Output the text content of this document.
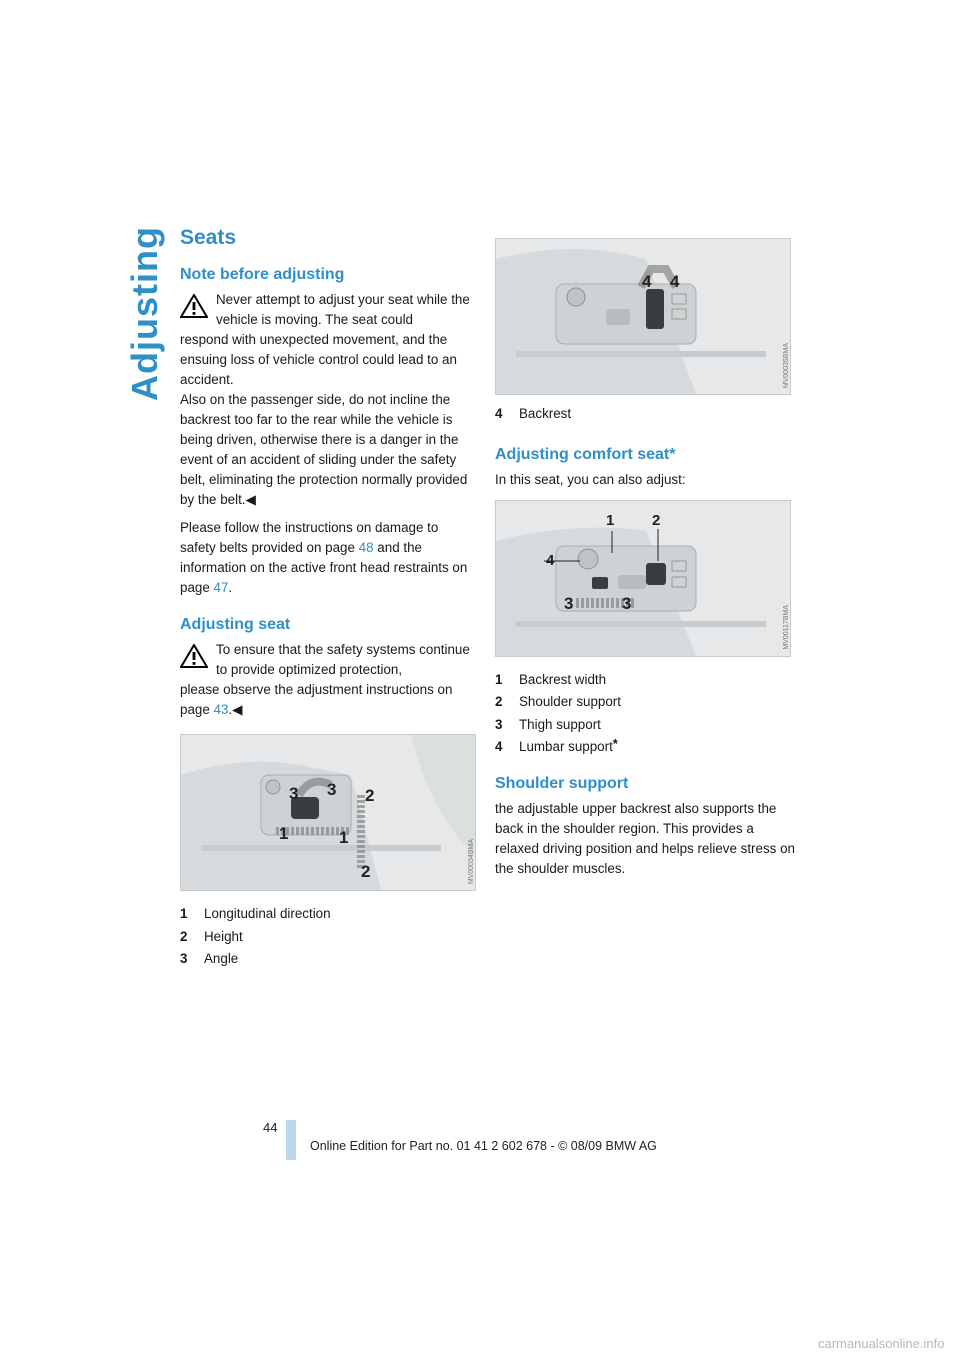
Adjusting Seats
Note before adjusting

Never attempt to adjust your seat while the vehicle is moving. The seat could
respond with unexpected movement, and the ensuing loss of vehicle control could lead to an accident.
Also on the passenger side, do not incline the backrest too far to the rear while the vehicle is being driven, otherwise there is a danger in the event of an accident of sliding under the safety belt, eliminating the protection normally provided by the belt.◀

Please follow the instructions on damage to safety belts provided on page 48 and the information on the active front head restraints on page 47.

Adjusting seat

To ensure that the safety systems continue to provide optimized protection,
please observe the adjustment instructions on page 43.◀

1	1
2
2
3 3
MV00034BMA
1 Longitudinal direction
2 Height
3 Angle
4 4
MV00035BMA
4 Backrest
Adjusting comfort seat*

In this seat, you can also adjust:

1	2
3	3
4
MV00117BMA
1 Backrest width
2 Shoulder support
3 Thigh support
4 Lumbar support*
Shoulder support

the adjustable upper backrest also supports the back in the shoulder region. This provides a relaxed driving position and helps relieve stress on the shoulder muscles.

44
Online Edition for Part no. 01 41 2 602 678 - © 08/09 BMW AG
carmanualsonline.info
